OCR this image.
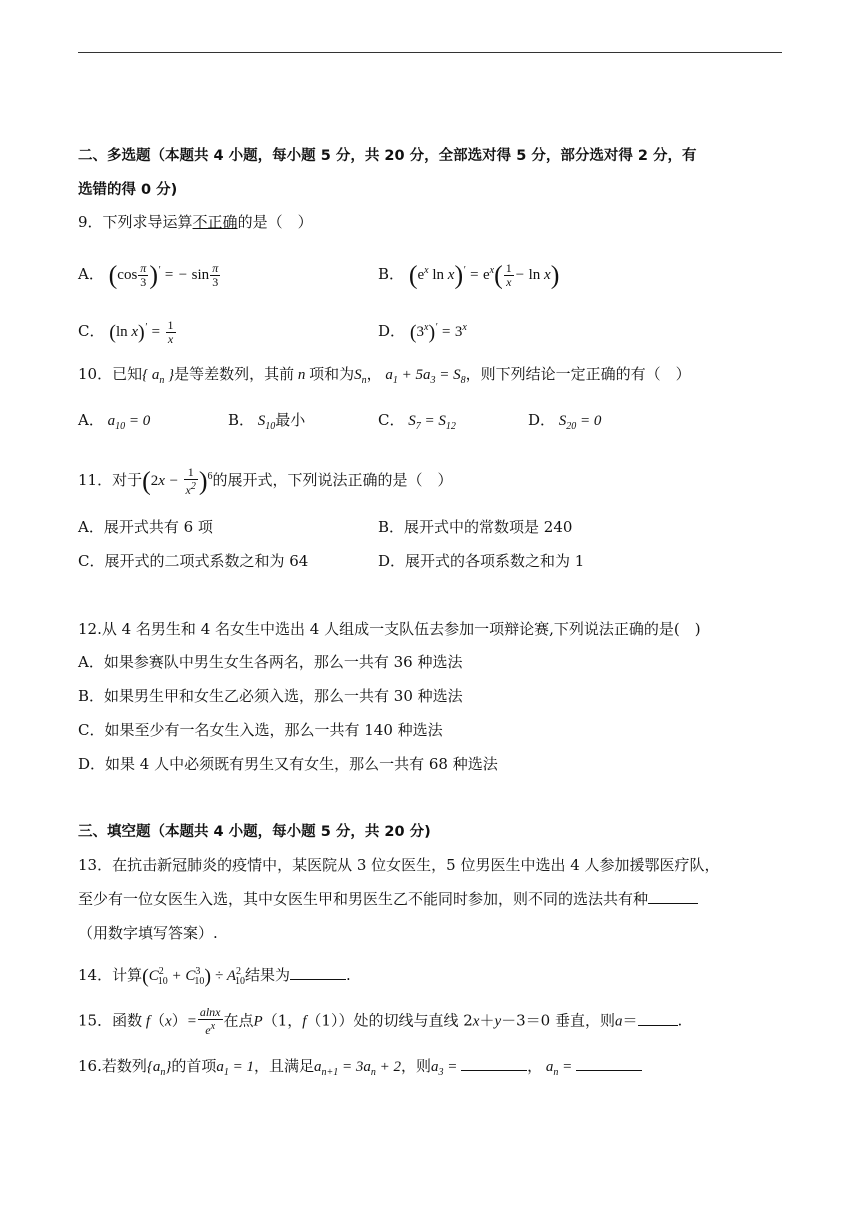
二、多选题（本题共 4 小题，每小题 5 分，共 20 分，全部选对得 5 分，部分选对得 2 分，有
选错的得 0 分)
9．下列求导运算不正确的是（　）
A． $(\cos \frac{\pi}{3} )'$ = − $\sin \frac{\pi}{3}$	B． ($e^x$ $\ln x)' = e^x( \frac{1}{x} - \ln x)$
C． (ln $x)' = \frac{1}{x}$	D． $(3^x)' = 3^x$
10．已知{ $a_n$ }是等差数列，其前 n 项和为$S_n$， $a_1 + 5a_3 = S_8$，则下列结论一定正确的有（　）
A． $a_{10} = 0$	B． $S_{10}$最小	C． $S_7 = S_{12}$	D． $S_{20} = 0$
11．对于$(2x - \frac{1}{x^2} )^6$的展开式，下列说法正确的是（　）
A．展开式共有 6 项	B．展开式中的常数项是 240
C．展开式的二项式系数之和为 64	D．展开式的各项系数之和为 1
12.从 4 名男生和 4 名女生中选出 4 人组成一支队伍去参加一项辩论赛,下列说法正确的是(　)
A．如果参赛队中男生女生各两名，那么一共有 36 种选法
B．如果男生甲和女生乙必须入选，那么一共有 30 种选法
C．如果至少有一名女生入选，那么一共有 140 种选法
D．如果 4 人中必须既有男生又有女生，那么一共有 68 种选法
三、填空题（本题共 4 小题，每小题 5 分，共 20 分)
13．在抗击新冠肺炎的疫情中，某医院从 3 位女医生，5 位男医生中选出 4 人参加援鄂医疗队，
至少有一位女医生入选，其中女医生甲和男医生乙不能同时参加，则不同的选法共有种
（用数字填写答案）.
14．计算$(C^2_{10} + C^3_{10}) \div A^2_{10}$结果为	.
15．函数 $f(x)= \frac{alnx}{e^x}$ 在点P（1，f（1））处的切线与直线 2x＋y－3＝0 垂直，则a＝	.
16.若数列$\{a_n\}$的首项$a_1 = 1$，且满足$a_{n+1} = 3a_n + 2$，则$a_3$ =	， $a_n$ =
